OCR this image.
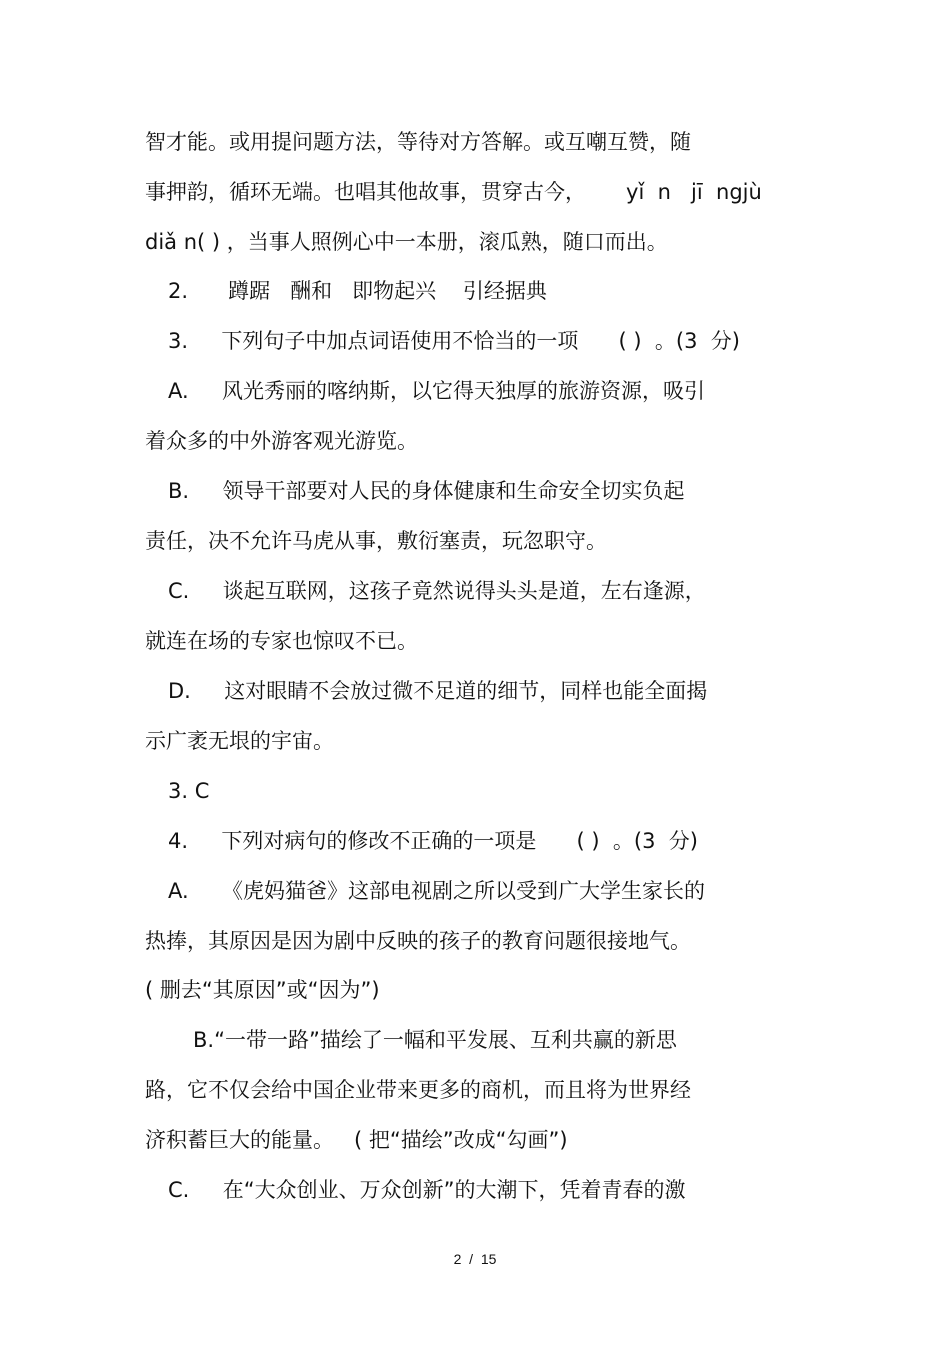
智才能。或用提问题方法，等待对方答解。或互嘲互赞，随
事押韵，循环无端。也唱其他故事，贯穿古今，      yǐ  n   jī  ngjù
diǎ n( ) ，当事人照例心中一本册，滚瓜熟，随口而出。
2.      蹲踞   酬和   即物起兴    引经据典
3.     下列句子中加点词语使用不恰当的一项      ( )  。(3  分)
A.     风光秀丽的喀纳斯，以它得天独厚的旅游资源，吸引
着众多的中外游客观光游览。
B.     领导干部要对人民的身体健康和生命安全切实负起
责任，决不允许马虎从事，敷衍塞责，玩忽职守。
C.     谈起互联网，这孩子竟然说得头头是道，左右逢源，
就连在场的专家也惊叹不已。
D.     这对眼睛不会放过微不足道的细节，同样也能全面揭
示广袤无垠的宇宙。
3. C
4.     下列对病句的修改不正确的一项是      ( )  。(3  分)
A.     《虎妈猫爸》这部电视剧之所以受到广大学生家长的
热捧，其原因是因为剧中反映的孩子的教育问题很接地气。
( 删去“其原因”或“因为”)
B.“一带一路”描绘了一幅和平发展、互利共赢的新思
路，它不仅会给中国企业带来更多的商机，而且将为世界经
济积蓄巨大的能量。   ( 把“描绘”改成“勾画”)
C.     在“大众创业、万众创新”的大潮下，凭着青春的激
2  /  15
